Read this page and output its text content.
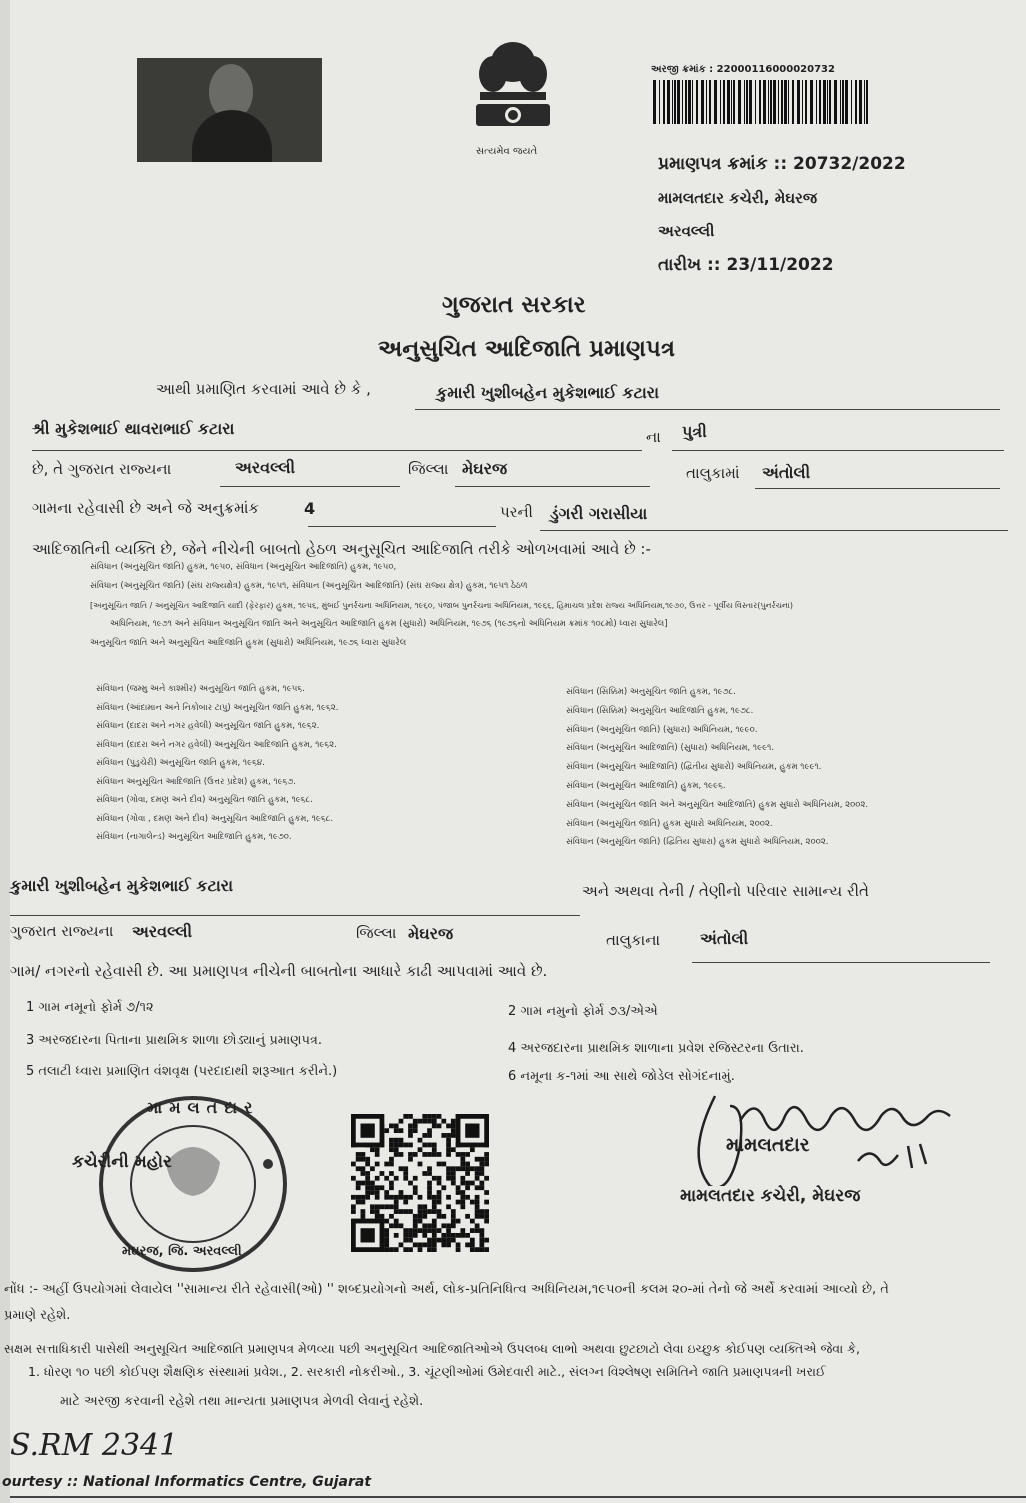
સત્યમેવ જયતે
અરજી ક્રમાંક : 22000116000020732
પ્રમાણપત્ર ક્રમાંક :: 20732/2022
મામલતદાર કચેરી, મેઘરજ
અરવલ્લી
તારીખ :: 23/11/2022
ગુજરાત સરકાર
અનુસુચિત આદિજાતિ પ્રમાણપત્ર
આથી પ્રમાણિત કરવામાં આવે છે કે ,	કુમારી ખુશીબહેન મુકેશભાઈ કટારા
શ્રી મુકેશભાઈ થાવરાભાઈ કટારા	ના પુત્રી
છે, તે ગુજરાત રાજ્યના	અરવલ્લી	જિલ્લા મેઘરજ	તાલુકામાં અંતોલી
ગામના રહેવાસી છે અને જે અનુક્રમાંક	4	પરની ડુંગરી ગરાસીયા
આદિજાતિની વ્યક્તિ છે, જેને નીચેની બાબતો હેઠળ અનુસૂચિત આદિજાતિ તરીકે ઓળખવામાં આવે છે :-
સંવિધાન (અનુસૂચિત જાતિ) હુકમ, ૧૯૫૦, સંવિધાન (અનુસૂચિત આદિજાતિ) હુકમ, ૧૯૫૦,
સંવિધાન (અનુસૂચિત જાતિ) (સંઘ રાજ્યક્ષેત્ર) હુકમ, ૧૯૫૧, સંવિધાન (અનુસૂચિત આદિજાતિ) (સંઘ રાજ્ય ક્ષેત્ર) હુકમ, ૧૯૫૧ ઠેઠળ
[અનુસૂચિત જાતિ / અનુસૂચિત આદિજાતિ યાદી (ફેરફાર) હુકમ, ૧૯૫૬, મુંબઈ પુનર્રચના અધિનિયમ, ૧૯૬૦, પંજાબ પુનર્રચના અધિનિયમ, ૧૯૬૬, હિમાચલ પ્રદેશ રાજ્ય અધિનિયમ,૧૯૭૦, ઉત્તર - પૂર્વીય વિસ્તાર(પુનર્રચના)
અધિનિયમ, ૧૯૭૧ અને સંવિધાન અનુસૂચિત જાતિ અને અનુસૂચિત આદિજાતિ હુકમ (સુધારો) અધિનિયમ, ૧૯૭૬ (૧૯૭૬નો અધિનિયમ ક્રમાંક ૧૦૮મો) ધ્વારા સુધારેલ]
અનુસૂચિત જાતિ અને અનુસૂચિત આદિજાતિ હુકમ (સુધારો) અધિનિયમ, ૧૯૭૬ ધ્વારા સુધારેલ
સંવિધાન (જમ્મુ અને કાશ્મીર) અનુસૂચિત જાતિ હુકમ, ૧૯૫૬.
સંવિધાન (આંદામાન અને નિકોબાર ટાપુ) અનુસૂચિત જાતિ હુકમ, ૧૯૬૨.
સંવિધાન (દાદરા અને નગર હવેલી) અનુસૂચિત જાતિ હુકમ, ૧૯૬૨.
સંવિધાન (દાદરા અને નગર હવેલી) અનુસૂચિત આદિજાતિ હુકમ, ૧૯૬૨.
સંવિધાન (પુડુચેરી) અનુસૂચિત જાતિ હુકમ, ૧૯૬૪.
સંવિધાન અનુસૂચિત આદિજાતિ (ઉત્તર પ્રદેશ) હુકમ, ૧૯૬૭.
સંવિધાન (ગોવા, દમણ અને દીવ) અનુસૂચિત જાતિ હુકમ, ૧૯૬૮.
સંવિધાન (ગોવા , દમણ અને દીવ) અનુસૂચિત આદિજાતિ હુકમ, ૧૯૬૮.
સંવિધાન (નાગાલેન્ડ) અનુસૂચિત આદિજાતિ હુકમ, ૧૯૭૦.
સંવિધાન (સિક્કિમ) અનુસૂચિત જાતિ હુકમ, ૧૯૭૮.
સંવિધાન (સિક્કિમ) અનુસૂચિત આદિજાતિ હુકમ, ૧૯૭૮.
સંવિધાન (અનુસૂચિત જાતિ) (સુધારા) અધિનિયમ, ૧૯૯૦.
સંવિધાન (અનુસૂચિત આદિજાતિ) (સુધારા) અધિનિયમ, ૧૯૯૧.
સંવિધાન (અનુસૂચિત આદિજાતિ) (દ્વિતીય સુધારો) અધિનિયમ, હુકમ ૧૯૯૧.
સંવિધાન (અનુસૂચિત આદિજાતિ) હુકમ, ૧૯૯૬.
સંવિધાન (અનુસૂચિત જાતિ અને અનુસૂચિત આદિજાતિ) હુકમ સુધારો અધિનિયમ, ૨૦૦૨.
સંવિધાન (અનુસૂચિત જાતિ) હુકમ સુધારો અધિનિયમ, ૨૦૦૨.
સંવિધાન (અનુસૂચિત જાતિ) (દ્વિતિય સુધારા) હુકમ સુધારો અધિનિયમ, ૨૦૦૨.
કુમારી ખુશીબહેન મુકેશભાઈ કટારા	અને અથવા તેની / તેણીનો પરિવાર સામાન્ય રીતે
ગુજરાત રાજ્યના અરવલ્લી	જિલ્લા મેઘરજ	તાલુકાના અંતોલી
ગામ/ નગરનો રહેવાસી છે. આ પ્રમાણપત્ર નીચેની બાબતોના આધારે કાઢી આપવામાં આવે છે.
1 ગામ નમૂનો ફોર્મ ૭/૧૨	2 ગામ નમુનો ફોર્મ ૭૩/એએ
3 અરજદારના પિતાના પ્રાથમિક શાળા છોડ્યાનું પ્રમાણપત્ર.
4 અરજદારના પ્રાથમિક શાળાના પ્રવેશ રજિસ્ટરના ઉતારા.
5 તલાટી ધ્વારા પ્રમાણિત વંશવૃક્ષ (પરદાદાથી શરૂઆત કરીને.)	6 નમૂના ક-૧માં આ સાથે જોડેલ સોગંદનામું.
મામલતદાર
કચેરીની મહોર
મેઘરજ, જિ. અરવલ્લી
મામલતદાર
મામલતદાર કચેરી, મેઘરજ
નોંધ :- અહીં ઉપયોગમાં લેવાયેલ ''સામાન્ય રીતે રહેવાસી(ઓ) '' શબ્દપ્રયોગનો અર્થ, લોક-પ્રતિનિધિત્વ અધિનિયમ,૧૯૫૦ની કલમ ૨૦-માં તેનો જે અર્થે કરવામાં આવ્યો છે, તે
પ્રમાણે રહેશે.
સક્ષમ સત્તાધિકારી પાસેથી અનુસૂચિત આદિજાતિ પ્રમાણપત્ર મેળવ્યા પછી અનુસૂચિત આદિજાતિઓએ ઉપલબ્ધ લાભો અથવા છુટછાટો લેવા ઇચ્છુક કોઈપણ વ્યક્તિએ જેવા કે,
1. ધોરણ ૧૦ પછી કોઈપણ શૈક્ષણિક સંસ્થામાં પ્રવેશ., 2. સરકારી નોકરીઓ., 3. ચૂંટણીઓમાં ઉમેદવારી માટે., સંલગ્ન વિશ્લેષણ સમિતિને જાતિ પ્રમાણપત્રની ખરાઈ
માટે અરજી કરવાની રહેશે તથા માન્યતા પ્રમાણપત્ર મેળવી લેવાનું રહેશે.
S.RM 2341
ourtesy :: National Informatics Centre, Gujarat
